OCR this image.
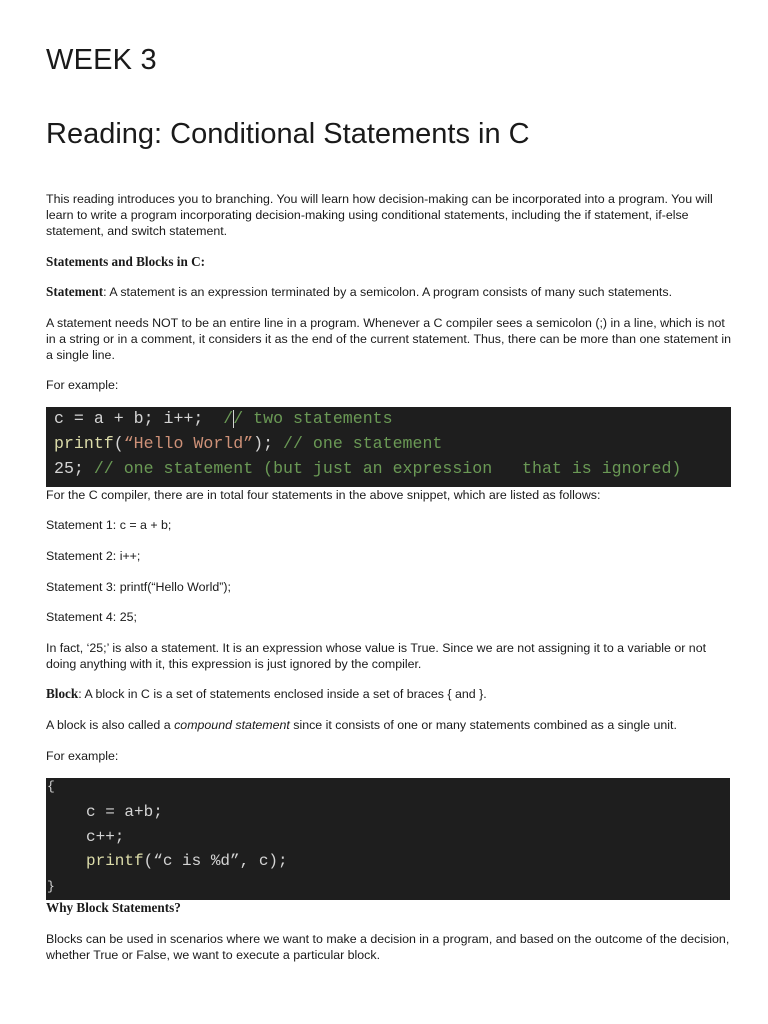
WEEK 3
Reading: Conditional Statements in C

This reading introduces you to branching. You will learn how decision-making can be incorporated into a program. You will learn to write a program incorporating decision-making using conditional statements, including the if statement, if-else statement, and switch statement.

Statements and Blocks in C:

Statement: A statement is an expression terminated by a semicolon. A program consists of many such statements.

A statement needs NOT to be an entire line in a program. Whenever a C compiler sees a semicolon (;) in a line, which is not in a string or in a comment, it considers it as the end of the current statement. Thus, there can be more than one statement in a single line.

For example:

c = a + b; i++;  // two statements

printf(“Hello World”); // one statement

25; // one statement (but just an expression   that is ignored)

For the C compiler, there are in total four statements in the above snippet, which are listed as follows:

Statement 1: c = a + b;

Statement 2: i++;

Statement 3: printf(“Hello World”);

Statement 4: 25;

In fact, ‘25;’ is also a statement. It is an expression whose value is True. Since we are not assigning it to a variable or not doing anything with it, this expression is just ignored by the compiler.

Block: A block in C is a set of statements enclosed inside a set of braces { and }.

A block is also called a compound statement since it consists of one or many statements combined as a single unit.

For example:

{

c = a+b;

c++;

printf(“c is %d”, c);

}

Why Block Statements?

Blocks can be used in scenarios where we want to make a decision in a program, and based on the outcome of the decision, whether True or False, we want to execute a particular block.
